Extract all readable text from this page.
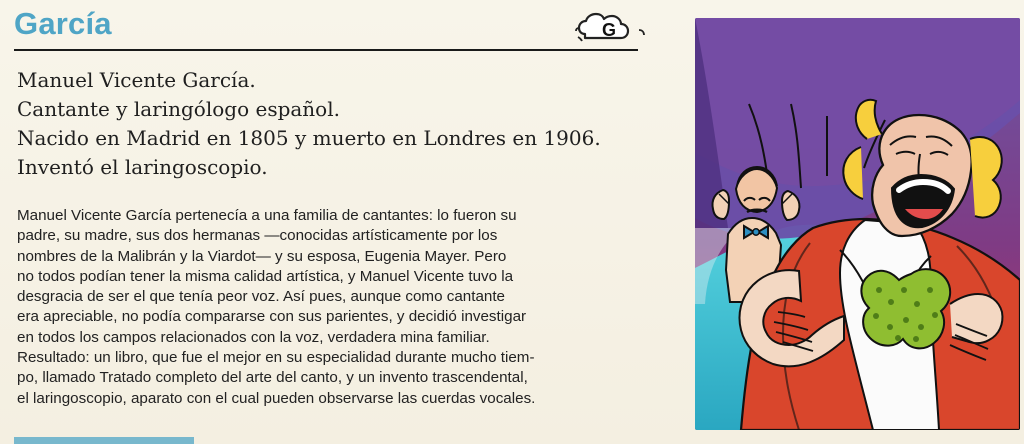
García	G
Manuel Vicente García.
Cantante y laringólogo español.
Nacido en Madrid en 1805 y muerto en Londres en 1906.
Inventó el laringoscopio.
Manuel Vicente García pertenecía a una familia de cantantes: lo fueron su
padre, su madre, sus dos hermanas —conocidas artísticamente por los
nombres de la Malibrán y la Viardot— y su esposa, Eugenia Mayer. Pero
no todos podían tener la misma calidad artística, y Manuel Vicente tuvo la
desgracia de ser el que tenía peor voz. Así pues, aunque como cantante
era apreciable, no podía compararse con sus parientes, y decidió investigar
en todos los campos relacionados con la voz, verdadera mina familiar.
Resultado: un libro, que fue el mejor en su especialidad durante mucho tiem-
po, llamado Tratado completo del arte del canto, y un invento trascendental,
el laringoscopio, aparato con el cual pueden observarse las cuerdas vocales.
